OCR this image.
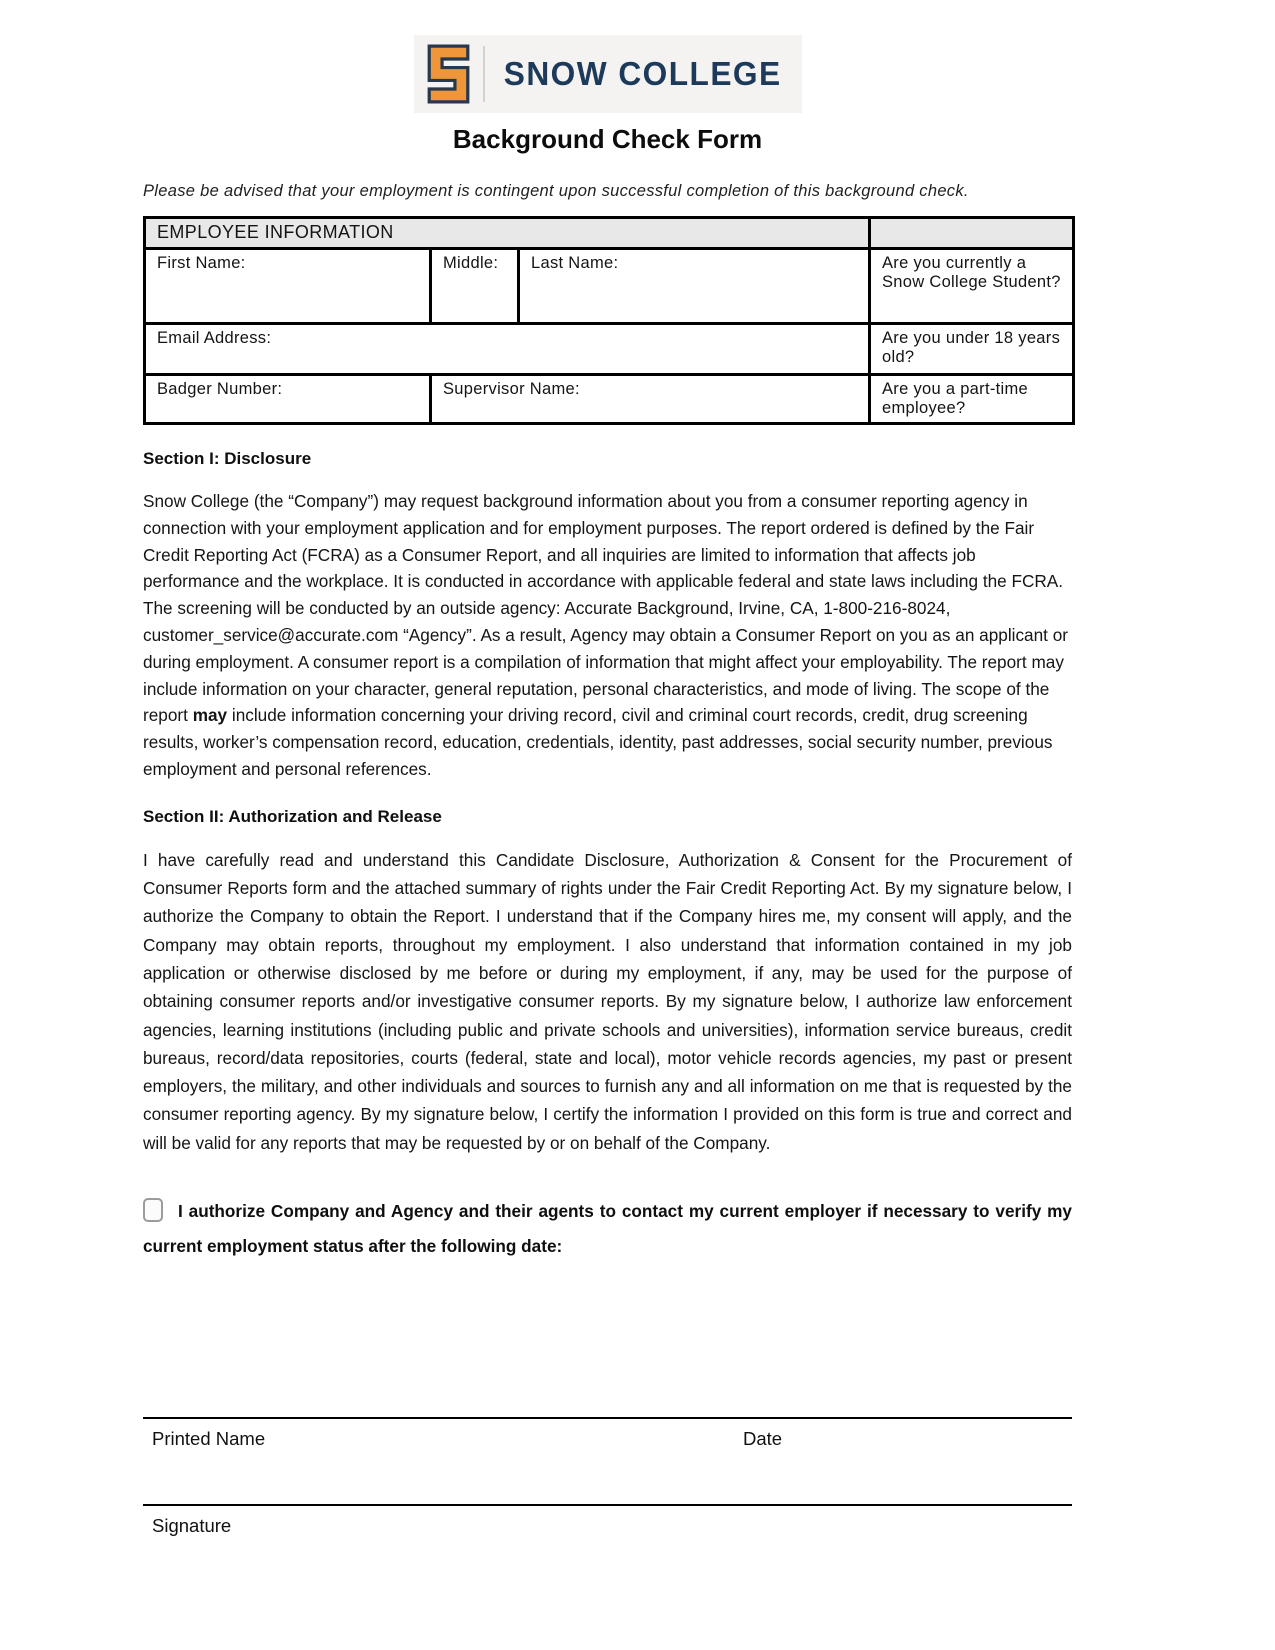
SNOW COLLEGE
Background Check Form

Please be advised that your employment is contingent upon successful completion of this background check.

EMPLOYEE INFORMATION			
First Name:	Middle:	Last Name:	Are you currently a Snow College Student?
Email Address:			Are you under 18 years old?
Badger Number:	Supervisor Name:		Are you a part-time employee?
Section I: Disclosure

Snow College (the “Company”) may request background information about you from a consumer reporting agency in connection with your employment application and for employment purposes. The report ordered is defined by the Fair Credit Reporting Act (FCRA) as a Consumer Report, and all inquiries are limited to information that affects job performance and the workplace. It is conducted in accordance with applicable federal and state laws including the FCRA. The screening will be conducted by an outside agency: Accurate Background, Irvine, CA, 1-800-216-8024, customer_service@accurate.com “Agency”. As a result, Agency may obtain a Consumer Report on you as an applicant or during employment. A consumer report is a compilation of information that might affect your employability. The report may include information on your character, general reputation, personal characteristics, and mode of living. The scope of the report may include information concerning your driving record, civil and criminal court records, credit, drug screening results, worker’s compensation record, education, credentials, identity, past addresses, social security number, previous employment and personal references.

Section II: Authorization and Release

I have carefully read and understand this Candidate Disclosure, Authorization & Consent for the Procurement of Consumer Reports form and the attached summary of rights under the Fair Credit Reporting Act. By my signature below, I authorize the Company to obtain the Report. I understand that if the Company hires me, my consent will apply, and the Company may obtain reports, throughout my employment. I also understand that information contained in my job application or otherwise disclosed by me before or during my employment, if any, may be used for the purpose of obtaining consumer reports and/or investigative consumer reports. By my signature below, I authorize law enforcement agencies, learning institutions (including public and private schools and universities), information service bureaus, credit bureaus, record/data repositories, courts (federal, state and local), motor vehicle records agencies, my past or present employers, the military, and other individuals and sources to furnish any and all information on me that is requested by the consumer reporting agency. By my signature below, I certify the information I provided on this form is true and correct and will be valid for any reports that may be requested by or on behalf of the Company.

I authorize Company and Agency and their agents to contact my current employer if necessary to verify my current employment status after the following date:

Printed Name	Date
Signature
